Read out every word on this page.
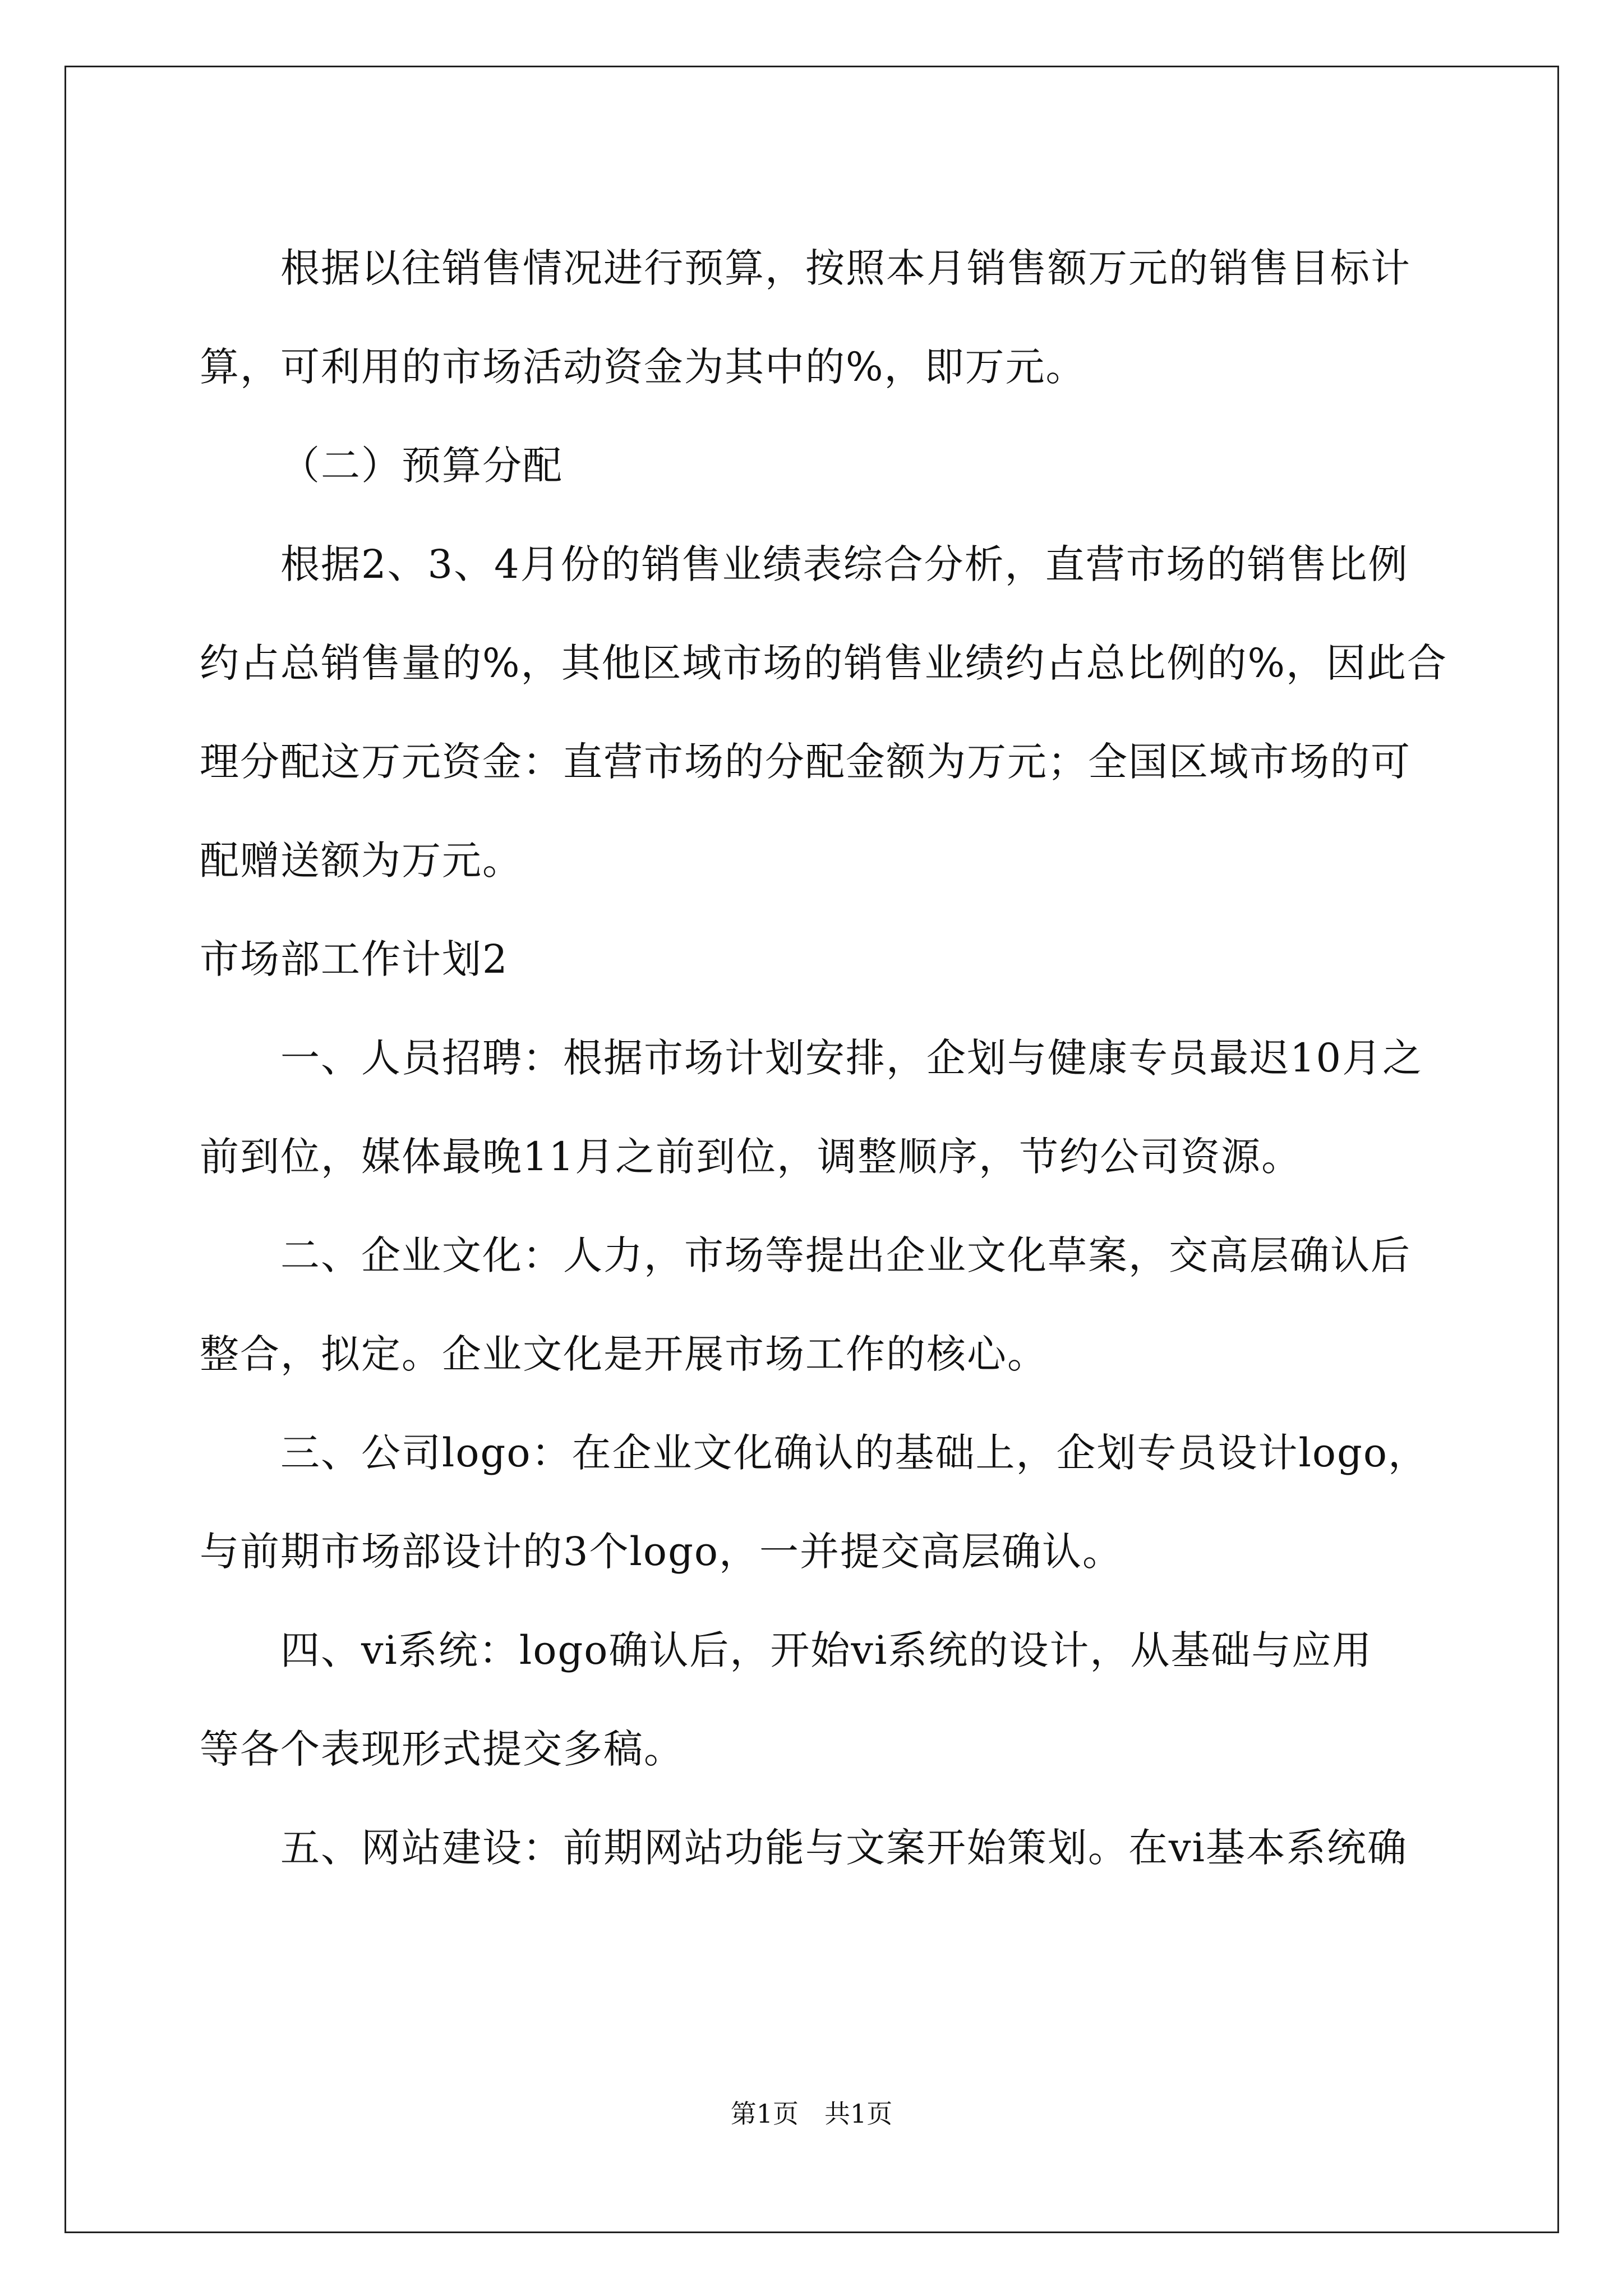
根据以往销售情况进行预算，按照本月销售额万元的销售目标计

算，可利用的市场活动资金为其中的%，即万元。

（二）预算分配

根据2、3、4月份的销售业绩表综合分析，直营市场的销售比例

约占总销售量的%，其他区域市场的销售业绩约占总比例的%，因此合

理分配这万元资金：直营市场的分配金额为万元；全国区域市场的可

配赠送额为万元。

市场部工作计划2

一、人员招聘：根据市场计划安排，企划与健康专员最迟10月之

前到位，媒体最晚11月之前到位，调整顺序，节约公司资源。

二、企业文化：人力，市场等提出企业文化草案，交高层确认后

整合，拟定。企业文化是开展市场工作的核心。

三、公司logo：在企业文化确认的基础上，企划专员设计logo，

与前期市场部设计的3个logo，一并提交高层确认。

四、vi系统：logo确认后，开始vi系统的设计，从基础与应用

等各个表现形式提交多稿。

五、网站建设：前期网站功能与文案开始策划。在vi基本系统确

第1页　共1页
